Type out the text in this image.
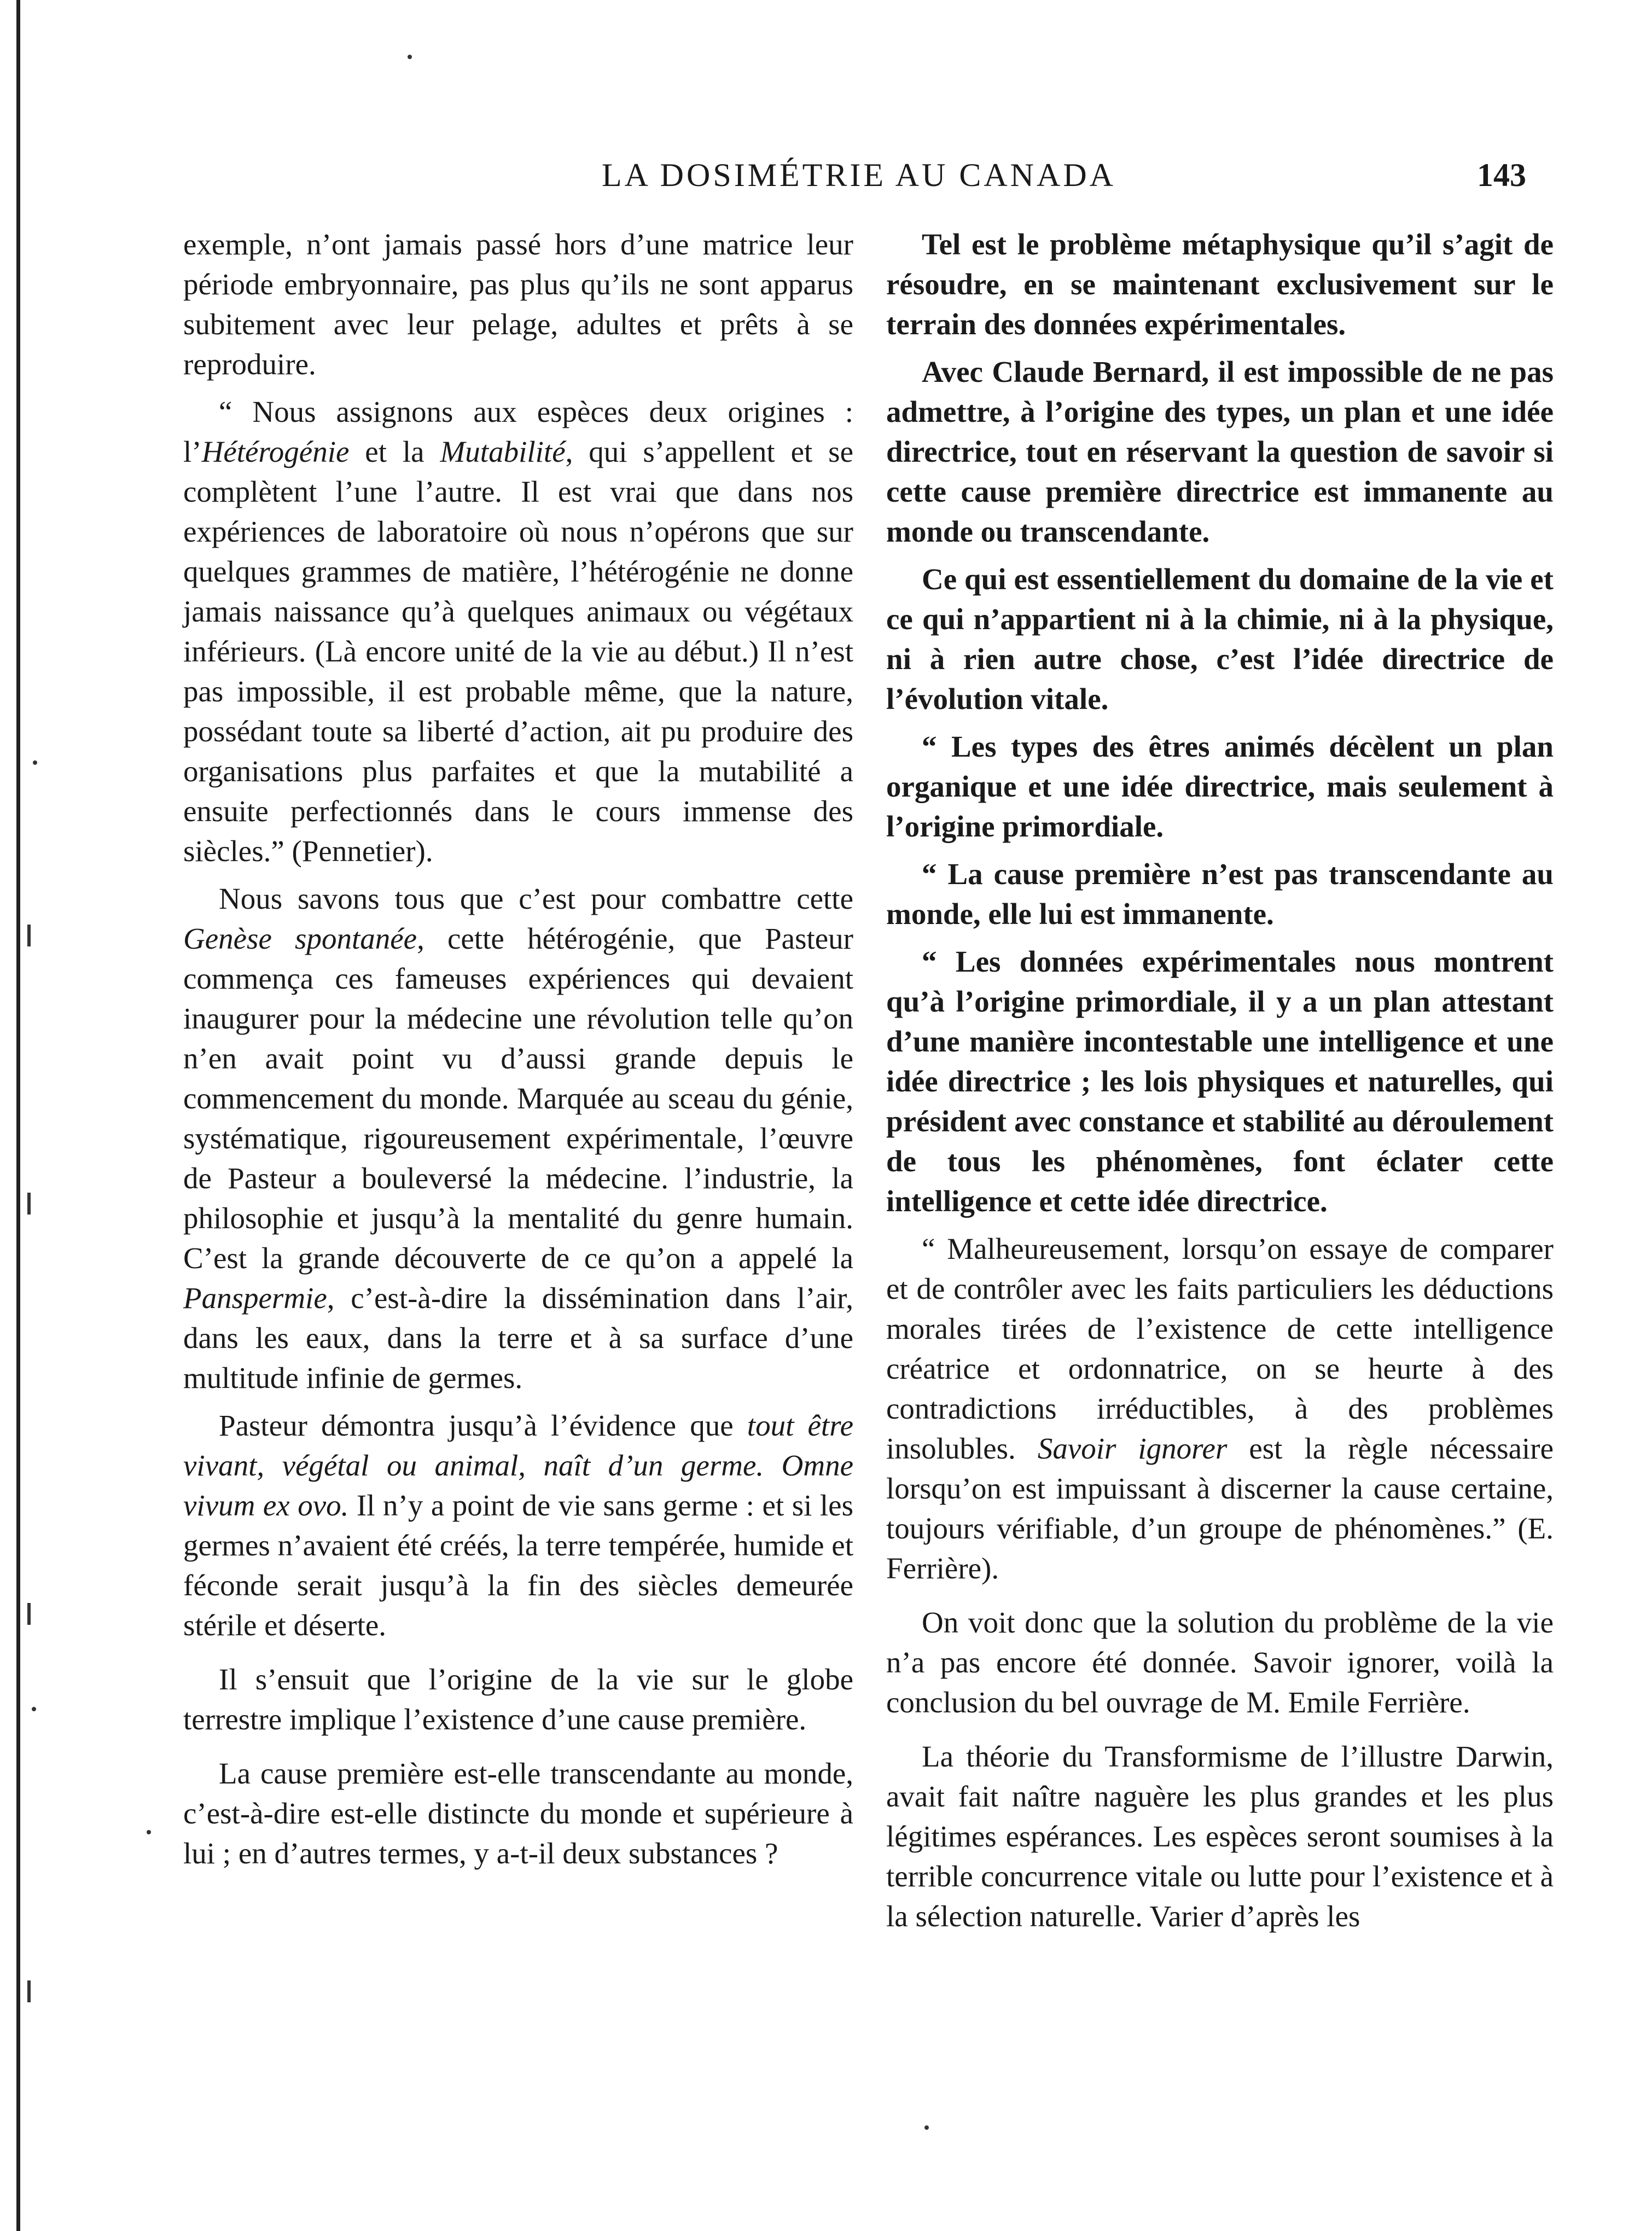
LA DOSIMÉTRIE AU CANADA	143

exemple, n’ont jamais passé hors d’une matrice leur période embryonnaire, pas plus qu’ils ne sont apparus subitement avec leur pelage, adultes et prêts à se reproduire.

“ Nous assignons aux espèces deux origines : l’Hétérogénie et la Mutabilité, qui s’appellent et se complètent l’une l’autre. Il est vrai que dans nos expériences de laboratoire où nous n’opérons que sur quelques grammes de matière, l’hétérogénie ne donne jamais naissance qu’à quelques animaux ou végétaux inférieurs. (Là encore unité de la vie au début.) Il n’est pas impossible, il est probable même, que la nature, possédant toute sa liberté d’action, ait pu produire des organisations plus parfaites et que la mutabilité a ensuite perfectionnés dans le cours immense des siècles.” (Pennetier).

Nous savons tous que c’est pour combattre cette Genèse spontanée, cette hétérogénie, que Pasteur commença ces fameuses expériences qui devaient inaugurer pour la médecine une révolution telle qu’on n’en avait point vu d’aussi grande depuis le commencement du monde. Marquée au sceau du génie, systématique, rigoureusement expérimentale, l’œuvre de Pasteur a bouleversé la médecine. l’industrie, la philosophie et jusqu’à la mentalité du genre humain. C’est la grande découverte de ce qu’on a appelé la Panspermie, c’est-à-dire la dissémination dans l’air, dans les eaux, dans la terre et à sa surface d’une multitude infinie de germes.

Pasteur démontra jusqu’à l’évidence que tout être vivant, végétal ou animal, naît d’un germe. Omne vivum ex ovo. Il n’y a point de vie sans germe : et si les germes n’avaient été créés, la terre tempérée, humide et féconde serait jusqu’à la fin des siècles demeurée stérile et déserte.

Il s’ensuit que l’origine de la vie sur le globe terrestre implique l’existence d’une cause première.

La cause première est-elle transcendante au monde, c’est-à-dire est-elle distincte du monde et supérieure à lui ; en d’autres termes, y a-t-il deux substances ?

Tel est le problème métaphysique qu’il s’agit de résoudre, en se maintenant exclusivement sur le terrain des données expérimentales.

Avec Claude Bernard, il est impossible de ne pas admettre, à l’origine des types, un plan et une idée directrice, tout en réservant la question de savoir si cette cause première directrice est immanente au monde ou transcendante.

Ce qui est essentiellement du domaine de la vie et ce qui n’appartient ni à la chimie, ni à la physique, ni à rien autre chose, c’est l’idée directrice de l’évolution vitale.

“ Les types des êtres animés décèlent un plan organique et une idée directrice, mais seulement à l’origine primordiale.

“ La cause première n’est pas transcendante au monde, elle lui est immanente.

“ Les données expérimentales nous montrent qu’à l’origine primordiale, il y a un plan attestant d’une manière incontestable une intelligence et une idée directrice ; les lois physiques et naturelles, qui président avec constance et stabilité au déroulement de tous les phénomènes, font éclater cette intelligence et cette idée directrice.

“ Malheureusement, lorsqu’on essaye de comparer et de contrôler avec les faits particuliers les déductions morales tirées de l’existence de cette intelligence créatrice et ordonnatrice, on se heurte à des contradictions irréductibles, à des problèmes insolubles. Savoir ignorer est la règle nécessaire lorsqu’on est impuissant à discerner la cause certaine, toujours vérifiable, d’un groupe de phénomènes.” (E. Ferrière).

On voit donc que la solution du problème de la vie n’a pas encore été donnée. Savoir ignorer, voilà la conclusion du bel ouvrage de M. Emile Ferrière.

La théorie du Transformisme de l’illustre Darwin, avait fait naître naguère les plus grandes et les plus légitimes espérances. Les espèces seront soumises à la terrible concurrence vitale ou lutte pour l’existence et à la sélection naturelle. Varier d’après les
